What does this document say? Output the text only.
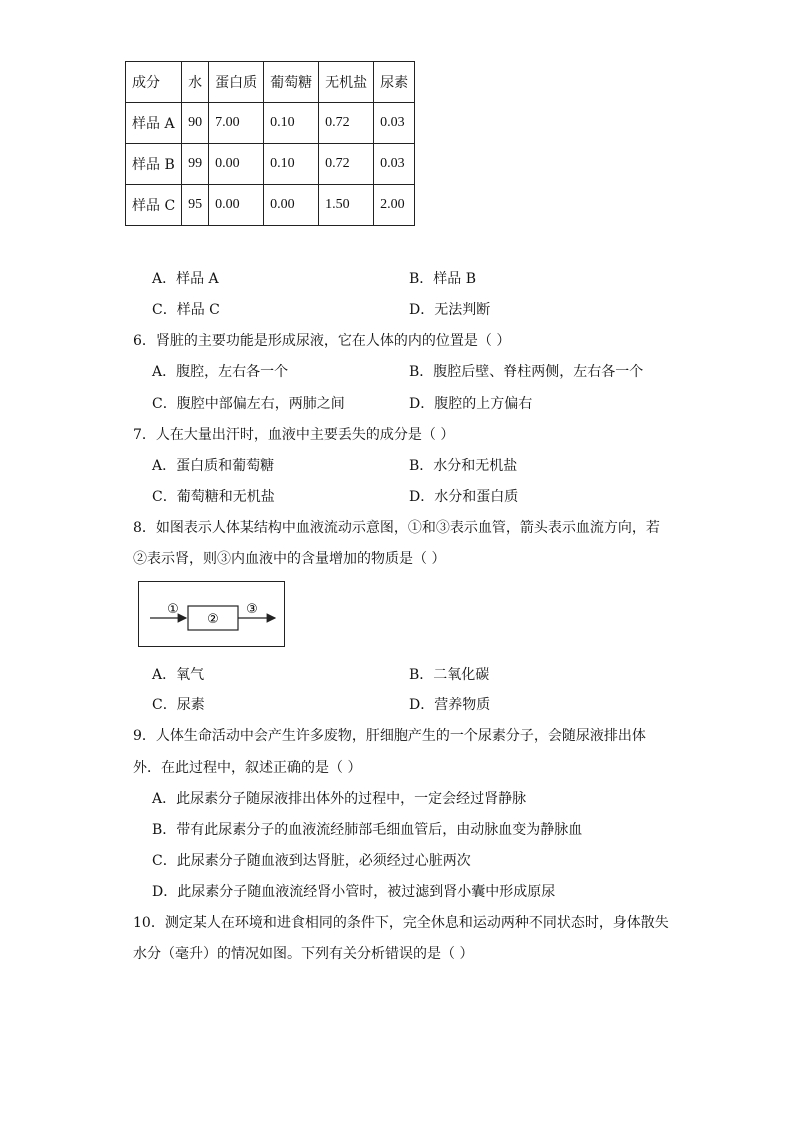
成分	水	蛋白质	葡萄糖	无机盐	尿素
样品 A	90	7.00	0.10	0.72	0.03
样品 B	99	0.00	0.10	0.72	0.03
样品 C	95	0.00	0.00	1.50	2.00
A．样品 A	B．样品 B
C．样品 C	D．无法判断
6．肾脏的主要功能是形成尿液，它在人体的内的位置是（ ）
A．腹腔，左右各一个	B．腹腔后壁、脊柱两侧，左右各一个
C．腹腔中部偏左右，两肺之间	D．腹腔的上方偏右
7．人在大量出汗时，血液中主要丢失的成分是（ ）
A．蛋白质和葡萄糖	B．水分和无机盐
C．葡萄糖和无机盐	D．水分和蛋白质
8．如图表示人体某结构中血液流动示意图，①和③表示血管，箭头表示血流方向，若
②表示肾，则③内血液中的含量增加的物质是（ ）
①
②
③
A．氧气	B．二氧化碳
C．尿素	D．营养物质
9．人体生命活动中会产生许多废物，肝细胞产生的一个尿素分子，会随尿液排出体
外．在此过程中，叙述正确的是（ ）
A．此尿素分子随尿液排出体外的过程中，一定会经过肾静脉
B．带有此尿素分子的血液流经肺部毛细血管后，由动脉血变为静脉血
C．此尿素分子随血液到达肾脏，必须经过心脏两次
D．此尿素分子随血液流经肾小管时，被过滤到肾小囊中形成原尿
10．测定某人在环境和进食相同的条件下，完全休息和运动两种不同状态时，身体散失
水分（毫升）的情况如图。下列有关分析错误的是（ ）
